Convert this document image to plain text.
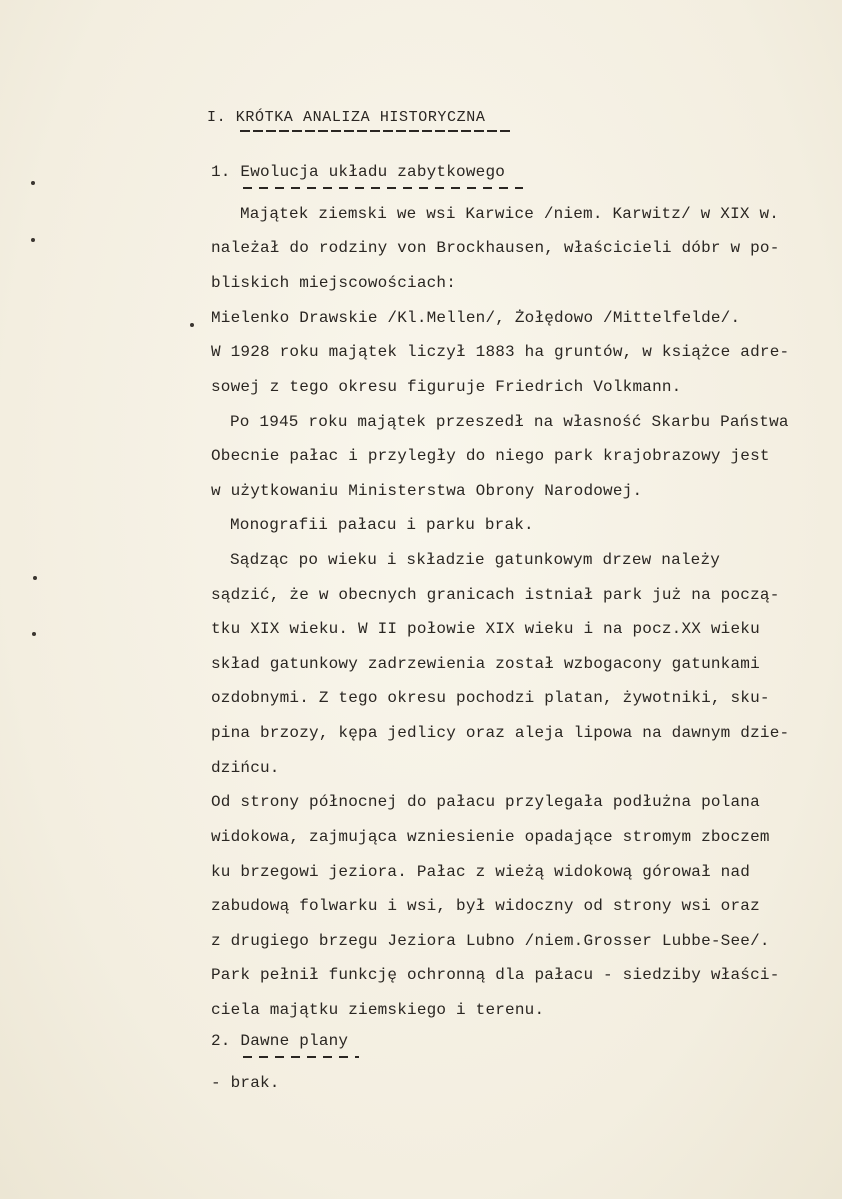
I. KRÓTKA ANALIZA HISTORYCZNA
1. Ewolucja układu zabytkowego
Majątek ziemski we wsi Karwice /niem. Karwitz/ w XIX w.
należał do rodziny von Brockhausen, właścicieli dóbr w po-
bliskich miejscowościach:
Mielenko Drawskie /Kl.Mellen/, Żołędowo /Mittelfelde/.
W 1928 roku majątek liczył 1883 ha gruntów, w książce adre-
sowej z tego okresu figuruje Friedrich Volkmann.
Po 1945 roku majątek przeszedł na własność Skarbu Państwa
Obecnie pałac i przyległy do niego park krajobrazowy jest
w użytkowaniu Ministerstwa Obrony Narodowej.
Monografii pałacu i parku brak.
Sądząc po wieku i składzie gatunkowym drzew należy
sądzić, że w obecnych granicach istniał park już na począ-
tku XIX wieku. W II połowie XIX wieku i na pocz.XX wieku
skład gatunkowy zadrzewienia został wzbogacony gatunkami
ozdobnymi. Z tego okresu pochodzi platan, żywotniki, sku-
pina brzozy, kępa jedlicy oraz aleja lipowa na dawnym dzie-
dzińcu.
Od strony północnej do pałacu przylegała podłużna polana
widokowa, zajmująca wzniesienie opadające stromym zboczem
ku brzegowi jeziora. Pałac z wieżą widokową górował nad
zabudową folwarku i wsi, był widoczny od strony wsi oraz
z drugiego brzegu Jeziora Lubno /niem.Grosser Lubbe-See/.
Park pełnił funkcję ochronną dla pałacu - siedziby właści-
ciela majątku ziemskiego i terenu.
2. Dawne plany
- brak.
